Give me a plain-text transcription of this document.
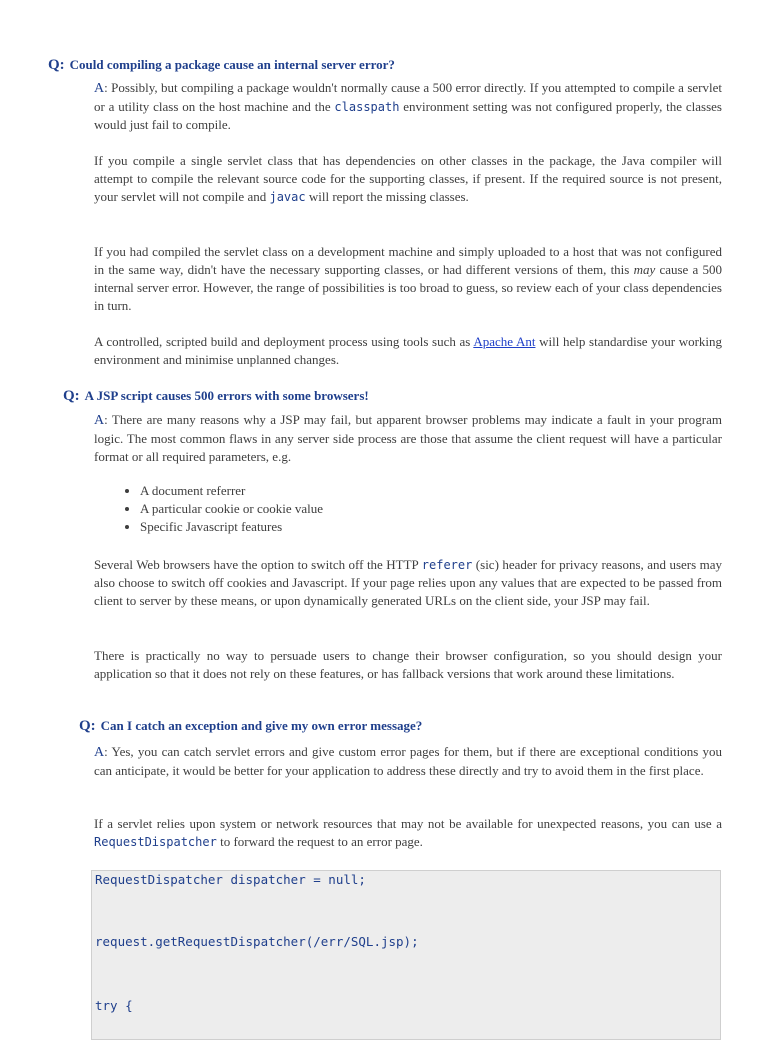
Q: Could compiling a package cause an internal server error?

A: Possibly, but compiling a package wouldn't normally cause a 500 error directly. If you attempted to compile a servlet or a utility class on the host machine and the classpath environment setting was not configured properly, the classes would just fail to compile.

If you compile a single servlet class that has dependencies on other classes in the package, the Java compiler will attempt to compile the relevant source code for the supporting classes, if present. If the required source is not present, your servlet will not compile and javac will report the missing classes.

If you had compiled the servlet class on a development machine and simply uploaded to a host that was not configured in the same way, didn't have the necessary supporting classes, or had different versions of them, this may cause a 500 internal server error. However, the range of possibilities is too broad to guess, so review each of your class dependencies in turn.

A controlled, scripted build and deployment process using tools such as Apache Ant will help standardise your working environment and minimise unplanned changes.

Q: A JSP script causes 500 errors with some browsers!

A: There are many reasons why a JSP may fail, but apparent browser problems may indicate a fault in your program logic. The most common flaws in any server side process are those that assume the client request will have a particular format or all required parameters, e.g.

• A document referrer
• A particular cookie or cookie value
• Specific Javascript features

Several Web browsers have the option to switch off the HTTP referer (sic) header for privacy reasons, and users may also choose to switch off cookies and Javascript. If your page relies upon any values that are expected to be passed from client to server by these means, or upon dynamically generated URLs on the client side, your JSP may fail.

There is practically no way to persuade users to change their browser configuration, so you should design your application so that it does not rely on these features, or has fallback versions that work around these limitations.

Q: Can I catch an exception and give my own error message?

A: Yes, you can catch servlet errors and give custom error pages for them, but if there are exceptional conditions you can anticipate, it would be better for your application to address these directly and try to avoid them in the first place.

If a servlet relies upon system or network resources that may not be available for unexpected reasons, you can use a RequestDispatcher to forward the request to an error page.

RequestDispatcher dispatcher = null;
request.getRequestDispatcher(/err/SQL.jsp);
try {
